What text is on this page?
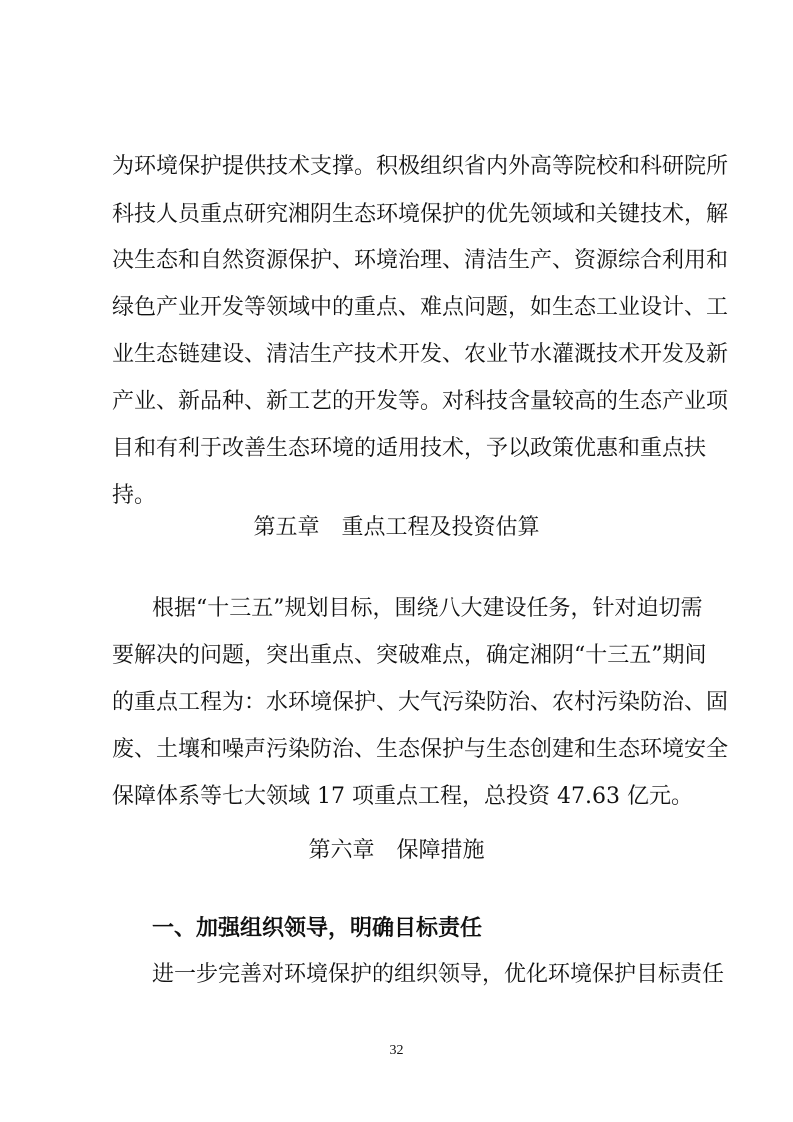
为环境保护提供技术支撑。积极组织省内外高等院校和科研院所
科技人员重点研究湘阴生态环境保护的优先领域和关键技术，解
决生态和自然资源保护、环境治理、清洁生产、资源综合利用和
绿色产业开发等领域中的重点、难点问题，如生态工业设计、工
业生态链建设、清洁生产技术开发、农业节水灌溉技术开发及新
产业、新品种、新工艺的开发等。对科技含量较高的生态产业项
目和有利于改善生态环境的适用技术，予以政策优惠和重点扶
持。
第五章　重点工程及投资估算
根据“十三五”规划目标，围绕八大建设任务，针对迫切需
要解决的问题，突出重点、突破难点，确定湘阴“十三五”期间
的重点工程为：水环境保护、大气污染防治、农村污染防治、固
废、土壤和噪声污染防治、生态保护与生态创建和生态环境安全
保障体系等七大领域 17 项重点工程，总投资 47.63 亿元。
第六章　保障措施
一、加强组织领导，明确目标责任
进一步完善对环境保护的组织领导，优化环境保护目标责任
32
